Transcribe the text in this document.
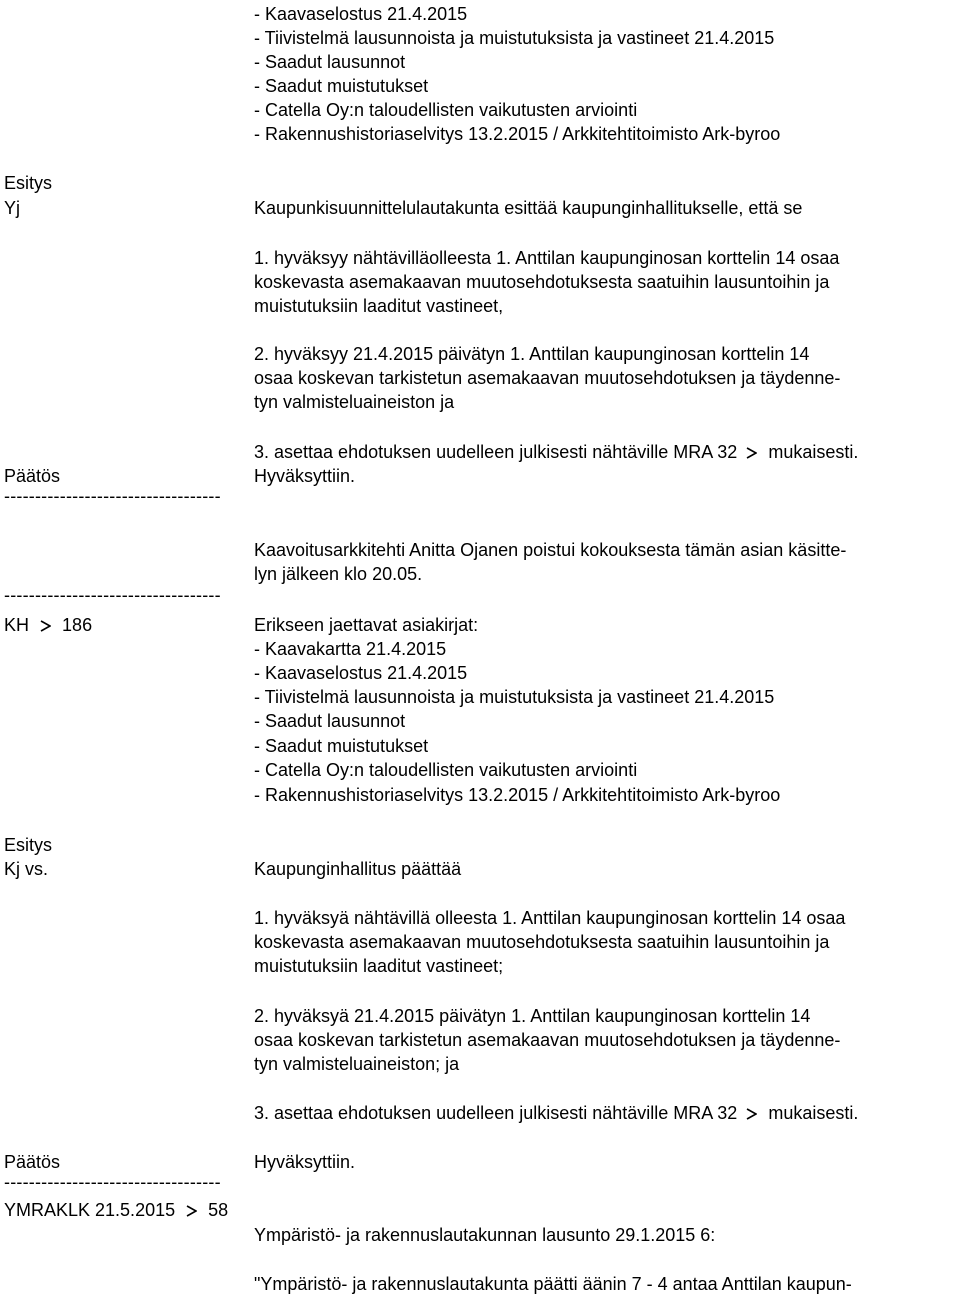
- Kaavaselostus 21.4.2015
- Tiivistelmä lausunnoista ja muistutuksista ja vastineet 21.4.2015
- Saadut lausunnot
- Saadut muistutukset
- Catella Oy:n taloudellisten vaikutusten arviointi
- Rakennushistoriaselvitys 13.2.2015 / Arkkitehtitoimisto Ark-byroo
Esitys
Yj	Kaupunkisuunnittelulautakunta esittää kaupunginhallitukselle, että se
1. hyväksyy nähtävilläolleesta 1. Anttilan kaupunginosan korttelin 14 osaa
koskevasta asemakaavan muutosehdotuksesta saatuihin lausuntoihin ja
muistutuksiin laaditut vastineet,
2. hyväksyy 21.4.2015 päivätyn 1. Anttilan kaupunginosan korttelin 14
osaa koskevan tarkistetun asemakaavan muutosehdotuksen ja täydenne-
tyn valmisteluaineiston ja
3. asettaa ehdotuksen uudelleen julkisesti nähtäville MRA 32 mukaisesti.
Päätös	Hyväksyttiin.
-----------------------------------
Kaavoitusarkkitehti Anitta Ojanen poistui kokouksesta tämän asian käsitte-
lyn jälkeen klo 20.05.
-----------------------------------
KH 186	Erikseen jaettavat asiakirjat:
- Kaavakartta 21.4.2015
- Kaavaselostus 21.4.2015
- Tiivistelmä lausunnoista ja muistutuksista ja vastineet 21.4.2015
- Saadut lausunnot
- Saadut muistutukset
- Catella Oy:n taloudellisten vaikutusten arviointi
- Rakennushistoriaselvitys 13.2.2015 / Arkkitehtitoimisto Ark-byroo
Esitys
Kj vs.	Kaupunginhallitus päättää
1. hyväksyä nähtävillä olleesta 1. Anttilan kaupunginosan korttelin 14 osaa
koskevasta asemakaavan muutosehdotuksesta saatuihin lausuntoihin ja
muistutuksiin laaditut vastineet;
2. hyväksyä 21.4.2015 päivätyn 1. Anttilan kaupunginosan korttelin 14
osaa koskevan tarkistetun asemakaavan muutosehdotuksen ja täydenne-
tyn valmisteluaineiston; ja
3. asettaa ehdotuksen uudelleen julkisesti nähtäville MRA 32 mukaisesti.
Päätös	Hyväksyttiin.
-----------------------------------
YMRAKLK 21.5.2015 58
Ympäristö- ja rakennuslautakunnan lausunto 29.1.2015 6:
"Ympäristö- ja rakennuslautakunta päätti äänin 7 - 4 antaa Anttilan kaupun-
